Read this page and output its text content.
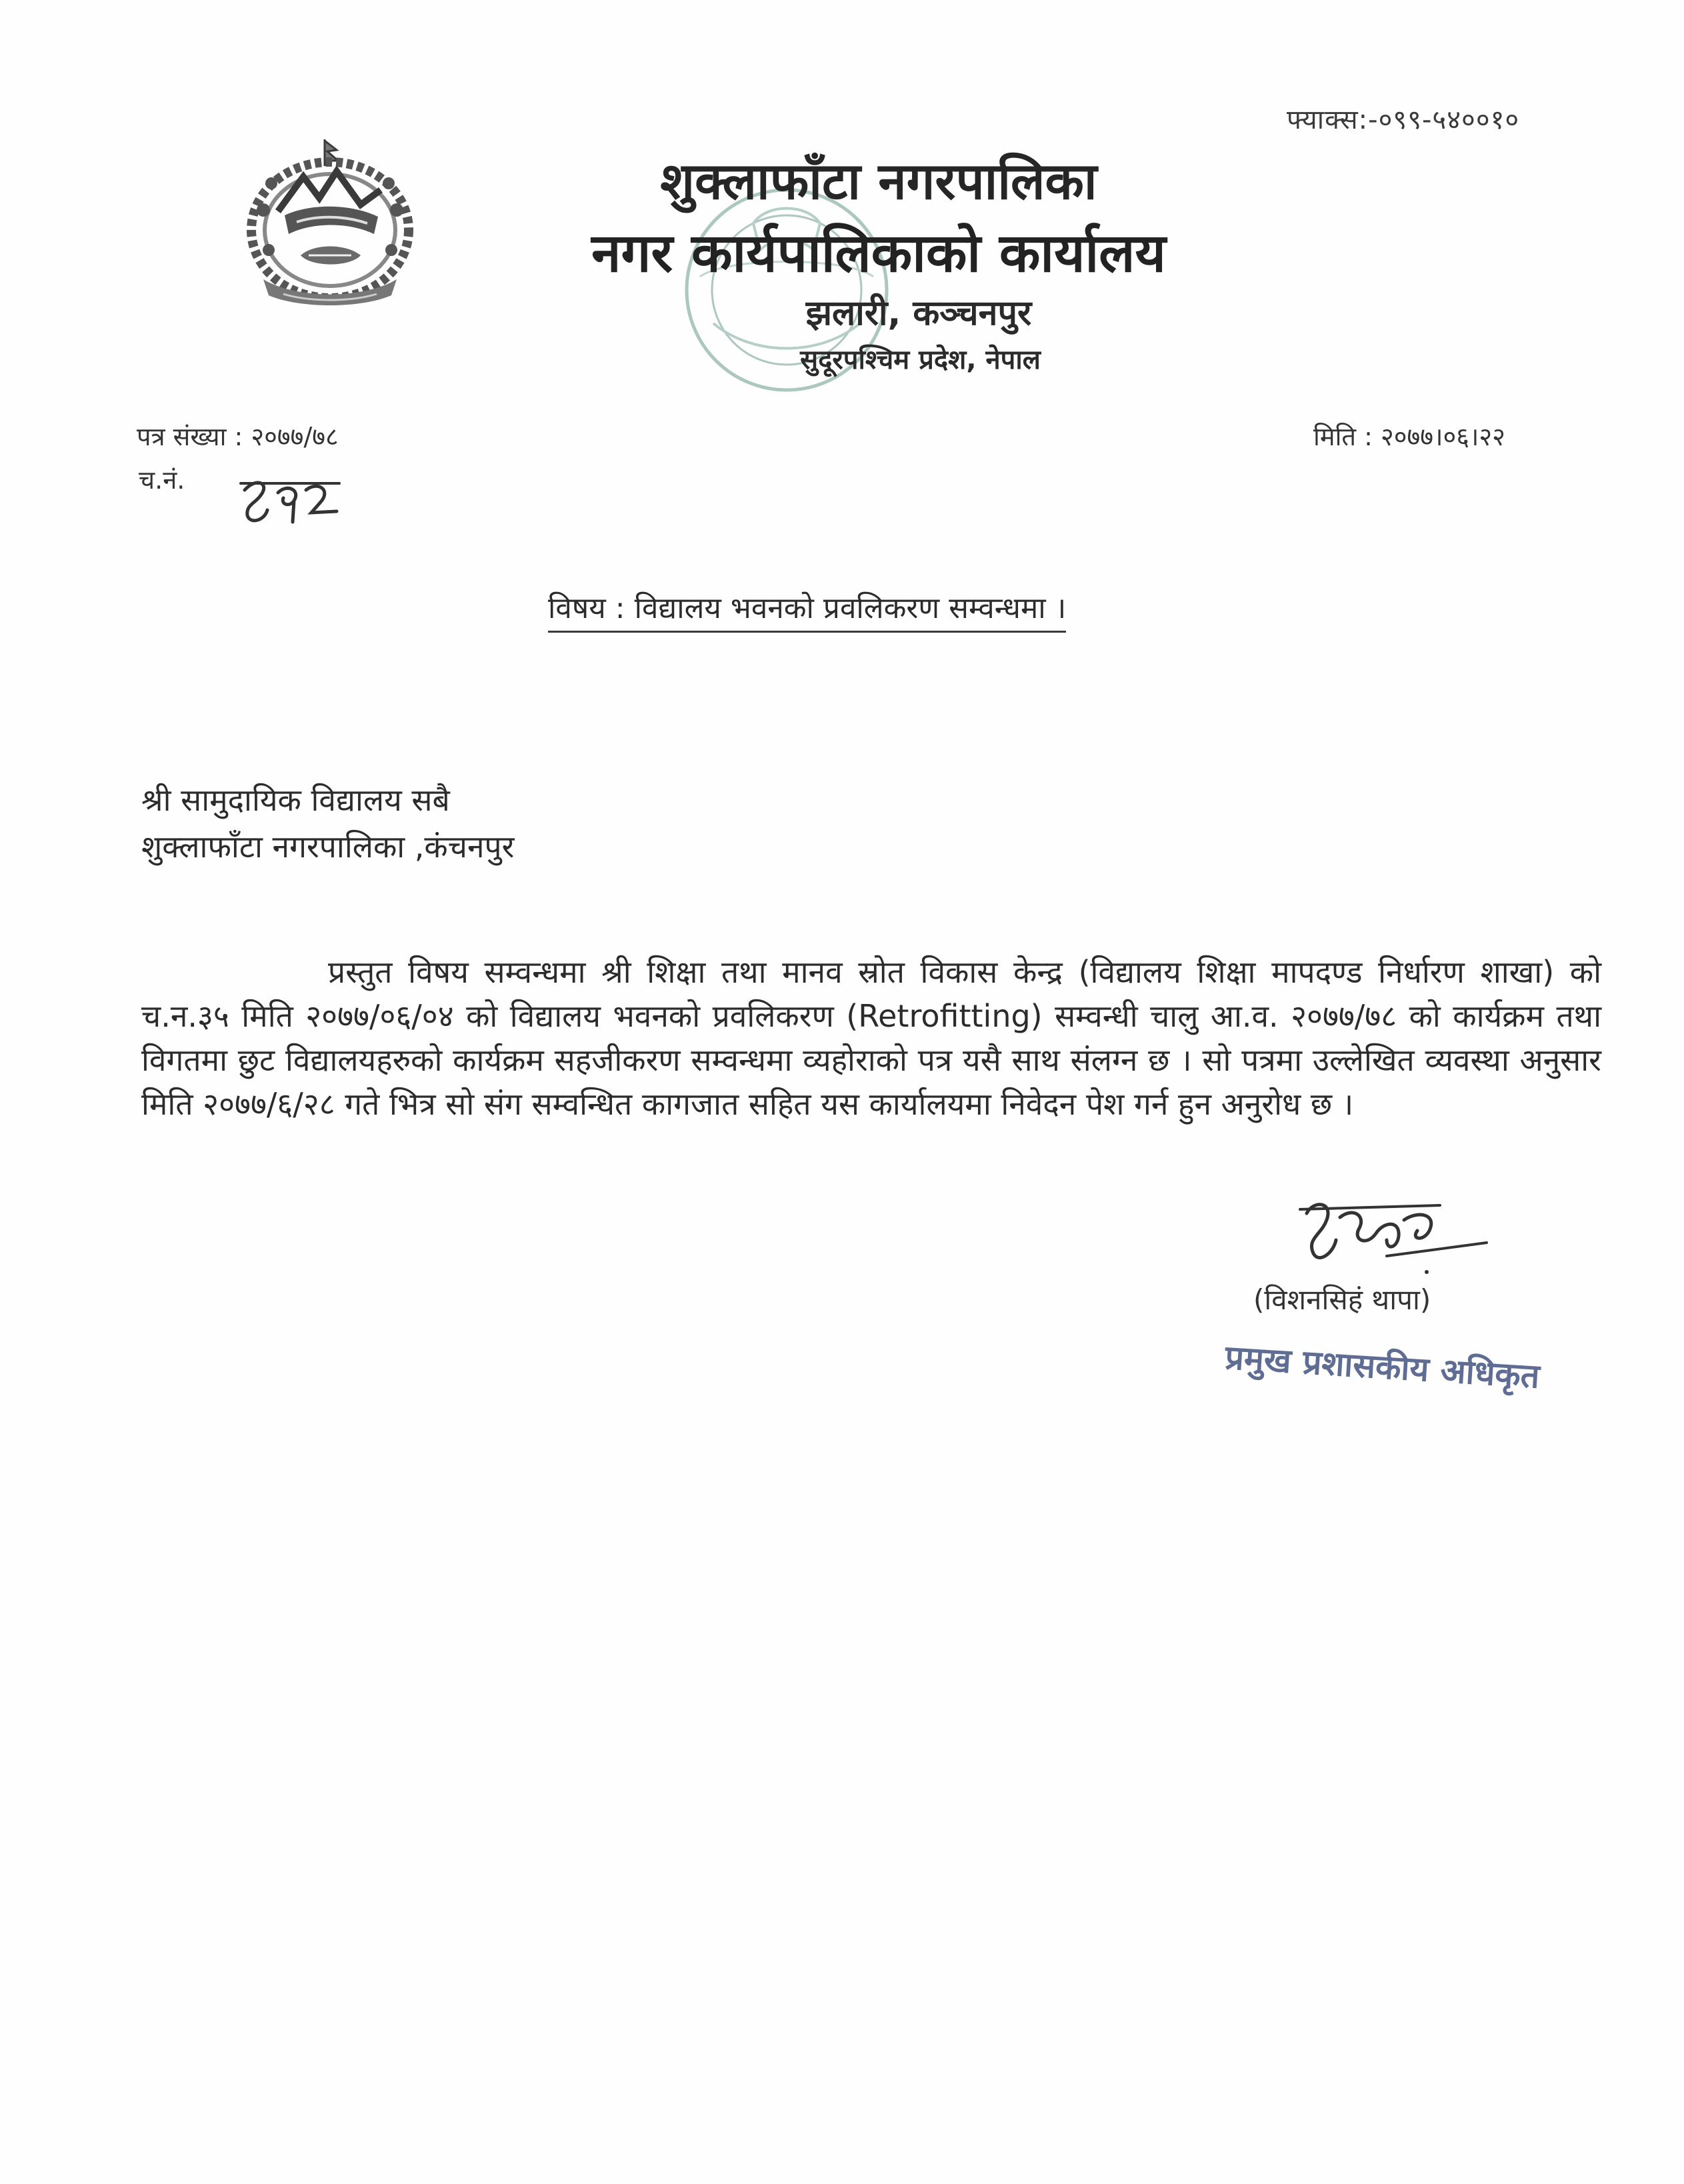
फ्याक्स:-०९९-५४००१०
शुक्लाफाँटा नगरपालिका
नगर कार्यपालिकाको कार्यालय
झलारी, कञ्चनपुर
सुदूरपश्चिम प्रदेश, नेपाल
पत्र संख्या : २०७७/७८	मिति : २०७७।०६।२२
च.नं.
विषय : विद्यालय भवनको प्रवलिकरण सम्वन्धमा ।
श्री सामुदायिक विद्यालय सबै
शुक्लाफाँटा नगरपालिका ,कंचनपुर
प्रस्तुत विषय सम्वन्धमा श्री शिक्षा तथा मानव स्रोत विकास केन्द्र (विद्यालय शिक्षा मापदण्ड निर्धारण शाखा) को च.न.३५ मिति २०७७/०६/०४ को विद्यालय भवनको प्रवलिकरण (Retrofitting) सम्वन्धी चालु आ.व. २०७७/७८ को कार्यक्रम तथा विगतमा छुट विद्यालयहरुको कार्यक्रम सहजीकरण सम्वन्धमा व्यहोराको पत्र यसै साथ संलग्न छ । सो पत्रमा उल्लेखित व्यवस्था अनुसार मिति २०७७/६/२८ गते भित्र सो संग सम्वन्धित कागजात सहित यस कार्यालयमा निवेदन पेश गर्न हुन अनुरोध छ ।
(विशनसिहं थापा)
प्रमुख प्रशासकीय अधिकृत
